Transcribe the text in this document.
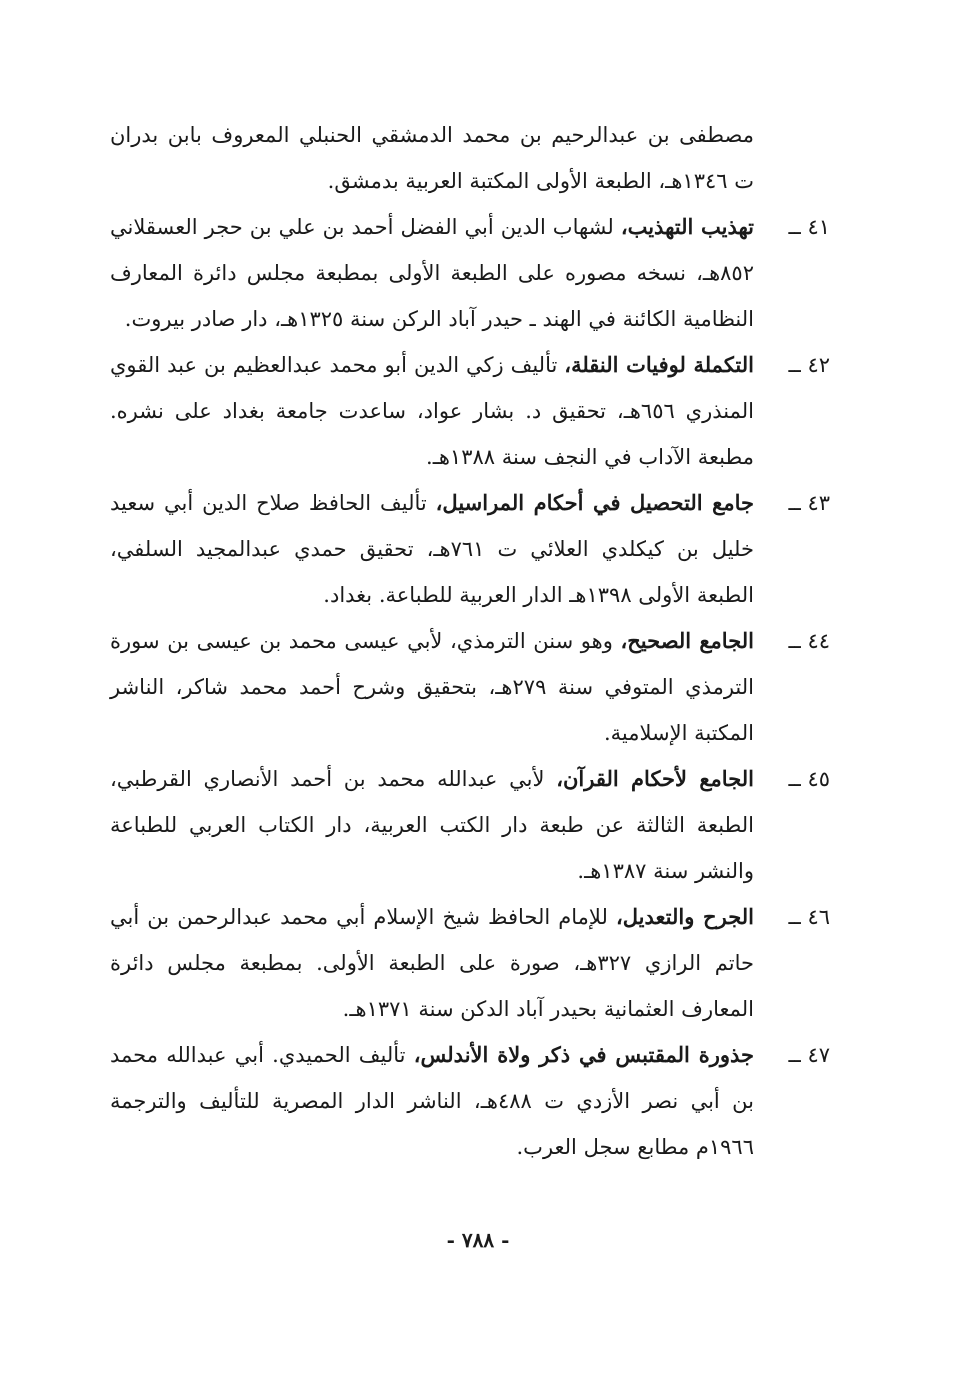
مصطفى بن عبدالرحيم بن محمد الدمشقي الحنبلي المعروف بابن بدران ت ١٣٤٦هـ، الطبعة الأولى المكتبة العربية بدمشق.
٤١ ــ
تهذيب التهذيب، لشهاب الدين أبي الفضل أحمد بن علي بن حجر العسقلاني ٨٥٢هـ، نسخه مصوره على الطبعة الأولى بمطبعة مجلس دائرة المعارف النظامية الكائنة في الهند ـ حيدر آباد الركن سنة ١٣٢٥هـ، دار صادر بيروت.
٤٢ ــ
التكملة لوفيات النقلة، تأليف زكي الدين أبو محمد عبدالعظيم بن عبد القوي المنذري ٦٥٦هـ، تحقيق د. بشار عواد، ساعدت جامعة بغداد على نشره. مطبعة الآداب في النجف سنة ١٣٨٨هـ.
٤٣ ــ
جامع التحصيل في أحكام المراسيل، تأليف الحافظ صلاح الدين أبي سعيد خليل بن كيكلدي العلائي ت ٧٦١هـ، تحقيق حمدي عبدالمجيد السلفي، الطبعة الأولى ١٣٩٨هـ الدار العربية للطباعة. بغداد.
٤٤ ــ
الجامع الصحيح، وهو سنن الترمذي، لأبي عيسى محمد بن عيسى بن سورة الترمذي المتوفي سنة ٢٧٩هـ، بتحقيق وشرح أحمد محمد شاكر، الناشر المكتبة الإسلامية.
٤٥ ــ
الجامع لأحكام القرآن، لأبي عبدالله محمد بن أحمد الأنصاري القرطبي، الطبعة الثالثة عن طبعة دار الكتب العربية، دار الكتاب العربي للطباعة والنشر سنة ١٣٨٧هـ.
٤٦ ــ
الجرح والتعديل، للإمام الحافظ شيخ الإسلام أبي محمد عبدالرحمن بن أبي حاتم الرازي ٣٢٧هـ، صورة على الطبعة الأولى. بمطبعة مجلس دائرة المعارف العثمانية بحيدر آباد الدكن سنة ١٣٧١هـ.
٤٧ ــ
جذورة المقتبس في ذكر ولاة الأندلس، تأليف الحميدي. أبي عبدالله محمد بن أبي نصر الأزدي ت ٤٨٨هـ، الناشر الدار المصرية للتأليف والترجمة ١٩٦٦م مطابع سجل العرب.
- ٧٨٨ -
